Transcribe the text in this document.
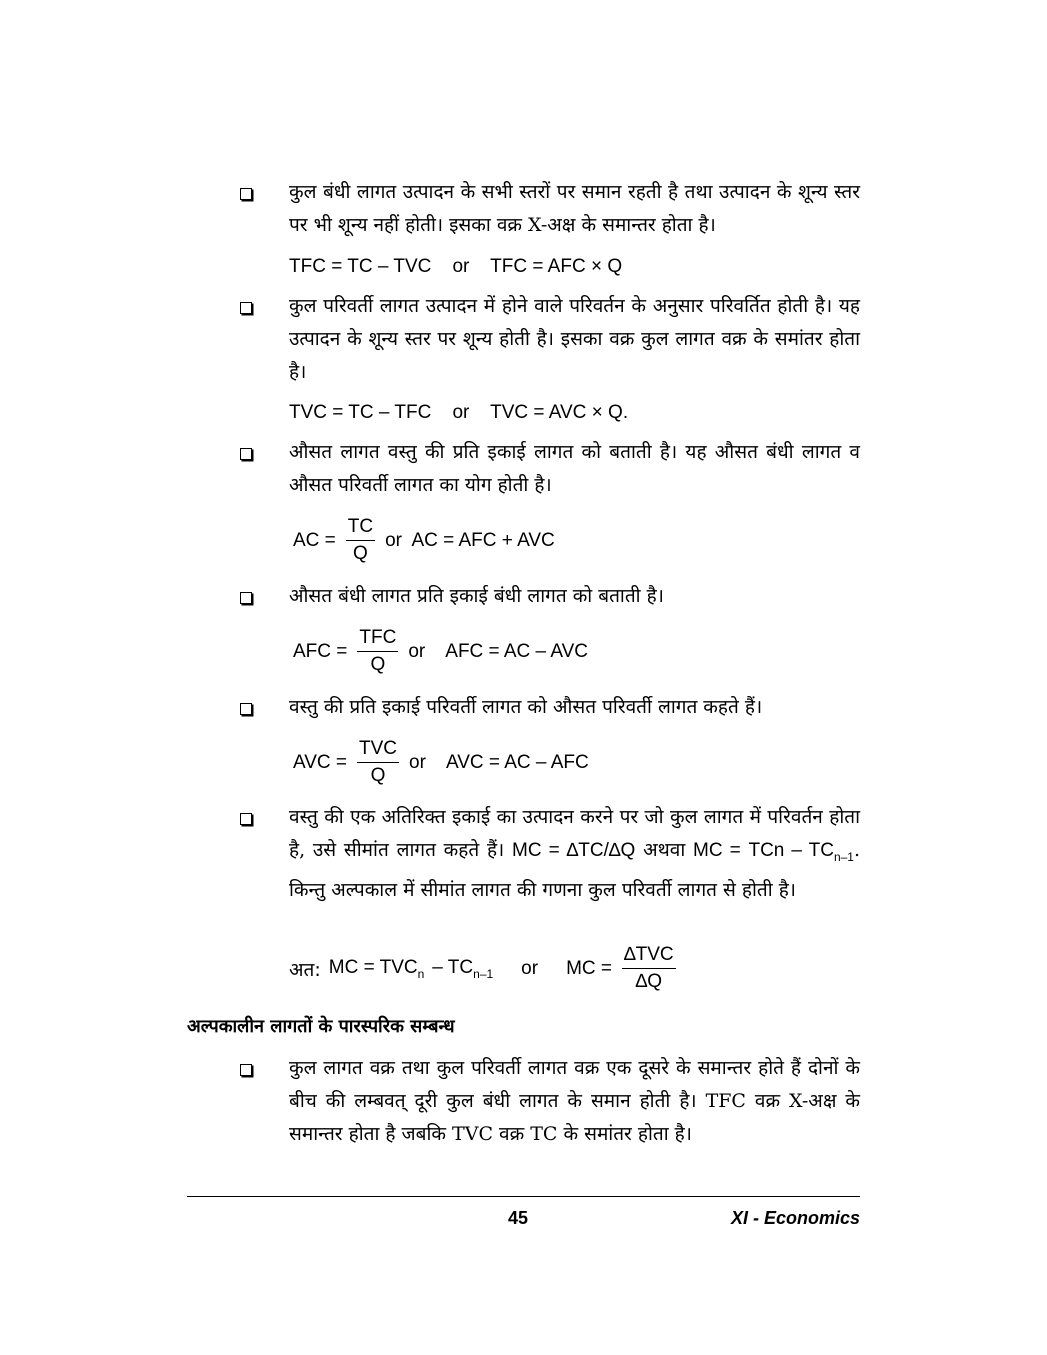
कुल बंधी लागत उत्पादन के सभी स्तरों पर समान रहती है तथा उत्पादन के शून्य स्तर पर भी शून्य नहीं होती। इसका वक्र X-अक्ष के समान्तर होता है।
TFC = TC – TVC    or    TFC = AFC × Q
कुल परिवर्ती लागत उत्पादन में होने वाले परिवर्तन के अनुसार परिवर्तित होती है। यह उत्पादन के शून्य स्तर पर शून्य होती है। इसका वक्र कुल लागत वक्र के समांतर होता है।
TVC = TC – TFC    or    TVC = AVC × Q.
औसत लागत वस्तु की प्रति इकाई लागत को बताती है। यह औसत बंधी लागत व औसत परिवर्ती लागत का योग होती है।
AC = $\frac{TC}{Q}$ or  AC = AFC + AVC
औसत बंधी लागत प्रति इकाई बंधी लागत को बताती है।
AFC = $\frac{\text{TFC}}{Q}$ or    AFC = AC – AVC
वस्तु की प्रति इकाई परिवर्ती लागत को औसत परिवर्ती लागत कहते हैं।
AVC = $\frac{\text{TVC}}{Q}$ or    AVC = AC – AFC
वस्तु की एक अतिरिक्त इकाई का उत्पादन करने पर जो कुल लागत में परिवर्तन होता है, उसे सीमांत लागत कहते हैं। MC = ∆TC/∆Q अथवा MC = TCn – $TC_{n-1}$. किन्तु अल्पकाल में सीमांत लागत की गणना कुल परिवर्ती लागत से होती है।
अत: MC = $TVC_n - TC_{n-1}$ or MC = $\frac{\text{∆TVC}}{\Delta Q}$
अल्पकालीन लागतों के पारस्परिक सम्बन्ध
कुल लागत वक्र तथा कुल परिवर्ती लागत वक्र एक दूसरे के समान्तर होते हैं दोनों के बीच की लम्बवत् दूरी कुल बंधी लागत के समान होती है। TFC वक्र X-अक्ष के समान्तर होता है जबकि TVC वक्र TC के समांतर होता है।
45	XI - Economics
